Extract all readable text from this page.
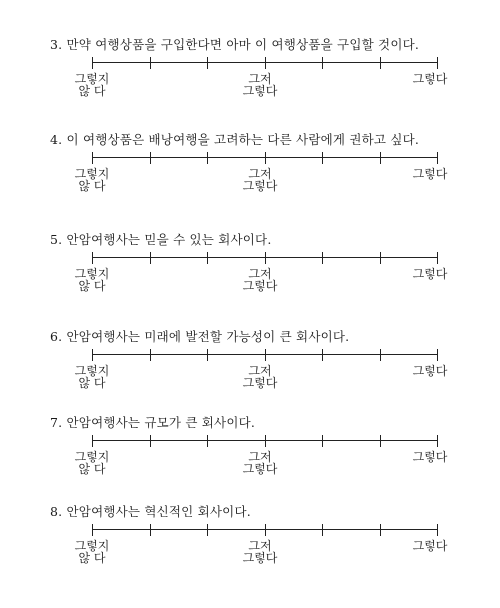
3. 만약 여행상품을 구입한다면 아마 이 여행상품을 구입할 것이다.
그렇지
않 다
그저
그렇다
그렇다
4. 이 여행상품은 배낭여행을 고려하는 다른 사람에게 권하고 싶다.
그렇지
않 다
그저
그렇다
그렇다
5. 안암여행사는 믿을 수 있는 회사이다.
그렇지
않 다
그저
그렇다
그렇다
6. 안암여행사는 미래에 발전할 가능성이 큰 회사이다.
그렇지
않 다
그저
그렇다
그렇다
7. 안암여행사는 규모가 큰 회사이다.
그렇지
않 다
그저
그렇다
그렇다
8. 안암여행사는 혁신적인 회사이다.
그렇지
않 다
그저
그렇다
그렇다
